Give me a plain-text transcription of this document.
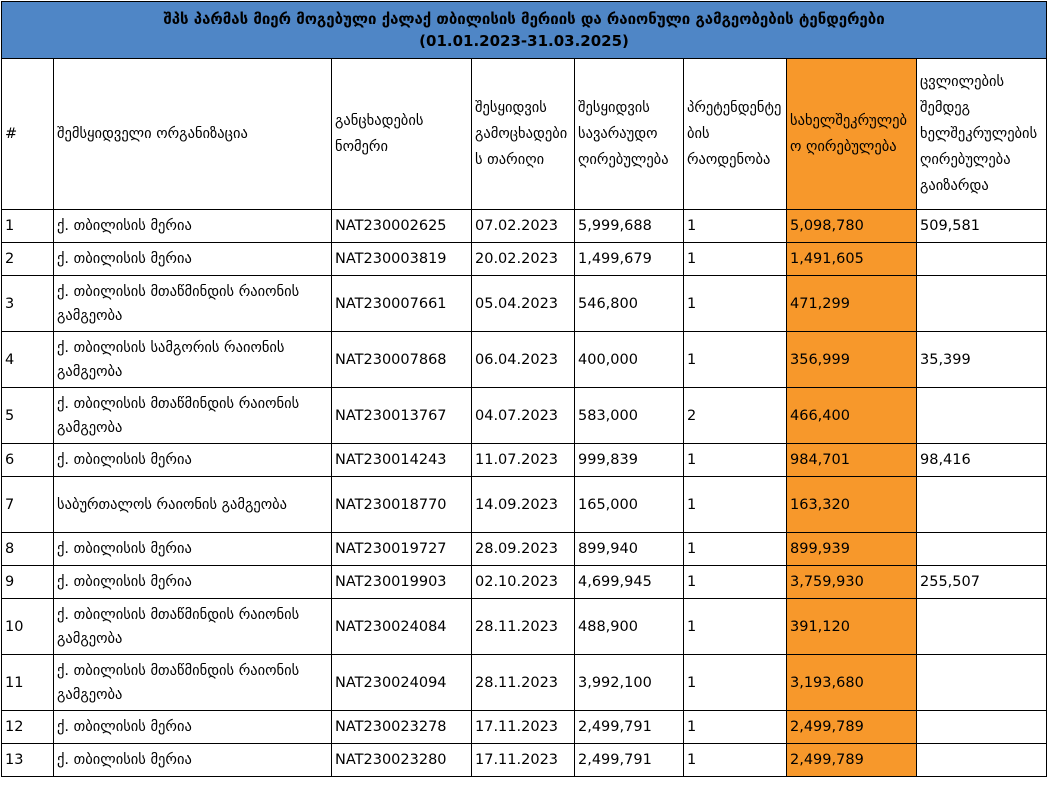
შპს პარმას მიერ მოგებული ქალაქ თბილისის მერიის და რაიონული გამგეობების ტენდერები
(01.01.2023-31.03.2025)							

#	შემსყიდველი ორგანიზაცია	განცხადების ნომერი	შესყიდვის გამოცხადების თარიღი	შესყიდვის სავარაუდო ღირებულება	პრეტენდენტების რაოდენობა	სახელშეკრულებო ღირებულება	ცვლილების შემდეგ ხელშეკრულების ღირებულება გაიზარდა
1	ქ. თბილისის მერია	NAT230002625	07.02.2023	5,999,688	1	5,098,780	509,581
2	ქ. თბილისის მერია	NAT230003819	20.02.2023	1,499,679	1	1,491,605	
3	ქ. თბილისის მთაწმინდის რაიონის გამგეობა	NAT230007661	05.04.2023	546,800	1	471,299	
4	ქ. თბილისის სამგორის რაიონის გამგეობა	NAT230007868	06.04.2023	400,000	1	356,999	35,399
5	ქ. თბილისის მთაწმინდის რაიონის გამგეობა	NAT230013767	04.07.2023	583,000	2	466,400	
6	ქ. თბილისის მერია	NAT230014243	11.07.2023	999,839	1	984,701	98,416
7	საბურთალოს რაიონის გამგეობა	NAT230018770	14.09.2023	165,000	1	163,320	
8	ქ. თბილისის მერია	NAT230019727	28.09.2023	899,940	1	899,939	
9	ქ. თბილისის მერია	NAT230019903	02.10.2023	4,699,945	1	3,759,930	255,507
10	ქ. თბილისის მთაწმინდის რაიონის გამგეობა	NAT230024084	28.11.2023	488,900	1	391,120	
11	ქ. თბილისის მთაწმინდის რაიონის გამგეობა	NAT230024094	28.11.2023	3,992,100	1	3,193,680	
12	ქ. თბილისის მერია	NAT230023278	17.11.2023	2,499,791	1	2,499,789	
13	ქ. თბილისის მერია	NAT230023280	17.11.2023	2,499,791	1	2,499,789	
